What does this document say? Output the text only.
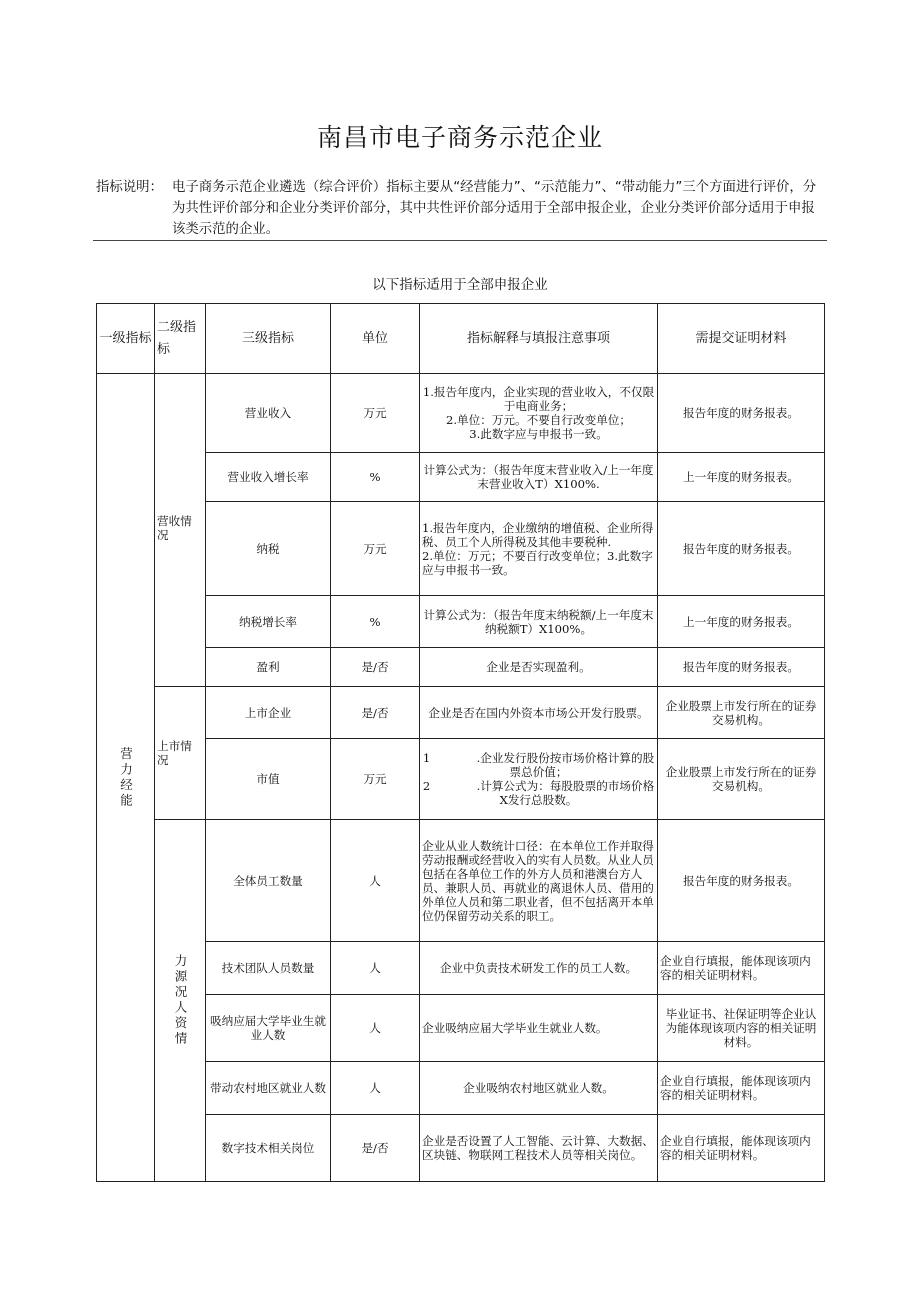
南昌市电子商务示范企业
指标说明： 电子商务示范企业遴选（综合评价）指标主要从“经营能力”、“示范能力”、“带动能力”三个方面进行评价，分为共性评价部分和企业分类评价部分，其中共性评价部分适用于全部申报企业，企业分类评价部分适用于申报该类示范的企业。
以下指标适用于全部申报企业
一级指标	二级指标	三级指标	单位	指标解释与填报注意事项	需提交证明材料

营力经能	营收情况	营业收入	万元	1.报告年度内，企业实现的营业收入，不仅限于电商业务；
2.单位：万元。不要自行改变单位；
3.此数字应与申报书一致。	报告年度的财务报表。
		营业收入增长率	%	计算公式为：（报告年度末营业收入/上一年度末营业收入T）X100%.	上一年度的财务报表。
		纳税	万元	1.报告年度内，企业缴纳的增值税、企业所得税、员工个人所得税及其他丰要税种.
2.单位：万元；不要百行改变单位；3.此数字应与申报书一致。	报告年度的财务报表。
		纳税增长率	%	计算公式为：（报告年度末纳税额/上一年度末纳税额T）X100%。	上一年度的财务报表。
		盈利	是/否	企业是否实现盈利。	报告年度的财务报表。
	上市情况	上市企业	是/否	企业是否在国内外资本市场公开发行股票。	企业股票上市发行所在的证券交易机构。
		市值	万元	1　　　　.企业发行股份按市场价格计算的股票总价值；
2　　　　.计算公式为：每股股票的市场价格X发行总股数。	企业股票上市发行所在的证券交易机构。

	力源况人资情	全体员工数量	人	企业从业人数统计口径：在本单位工作并取得劳动报酬或经营收入的实有人员数。从业人员包括在各单位工作的外方人员和港澳台方人员、兼职人员、再就业的离退休人员、借用的外单位人员和第二职业者，但不包括离开本单位仍保留劳动关系的职工。	报告年度的财务报表。
		技术团队人员数量	人	企业中负责技术研发工作的员工人数。	企业自行填报，能体现该项内容的相关证明材料。
		吸纳应届大学毕业生就业人数	人	企业吸纳应届大学毕业生就业人数。	毕业证书、社保证明等企业认为能体现该项内容的相关证明材料。
		带动农村地区就业人数	人	企业吸纳农村地区就业人数。	企业自行填报，能体现该项内容的相关证明材料。
		数字技术相关岗位	是/否	企业是否设置了人工智能、云计算、大数据、区块链、物联网工程技术人员等相关岗位。	企业自行填报，能体现该项内容的相关证明材料。
